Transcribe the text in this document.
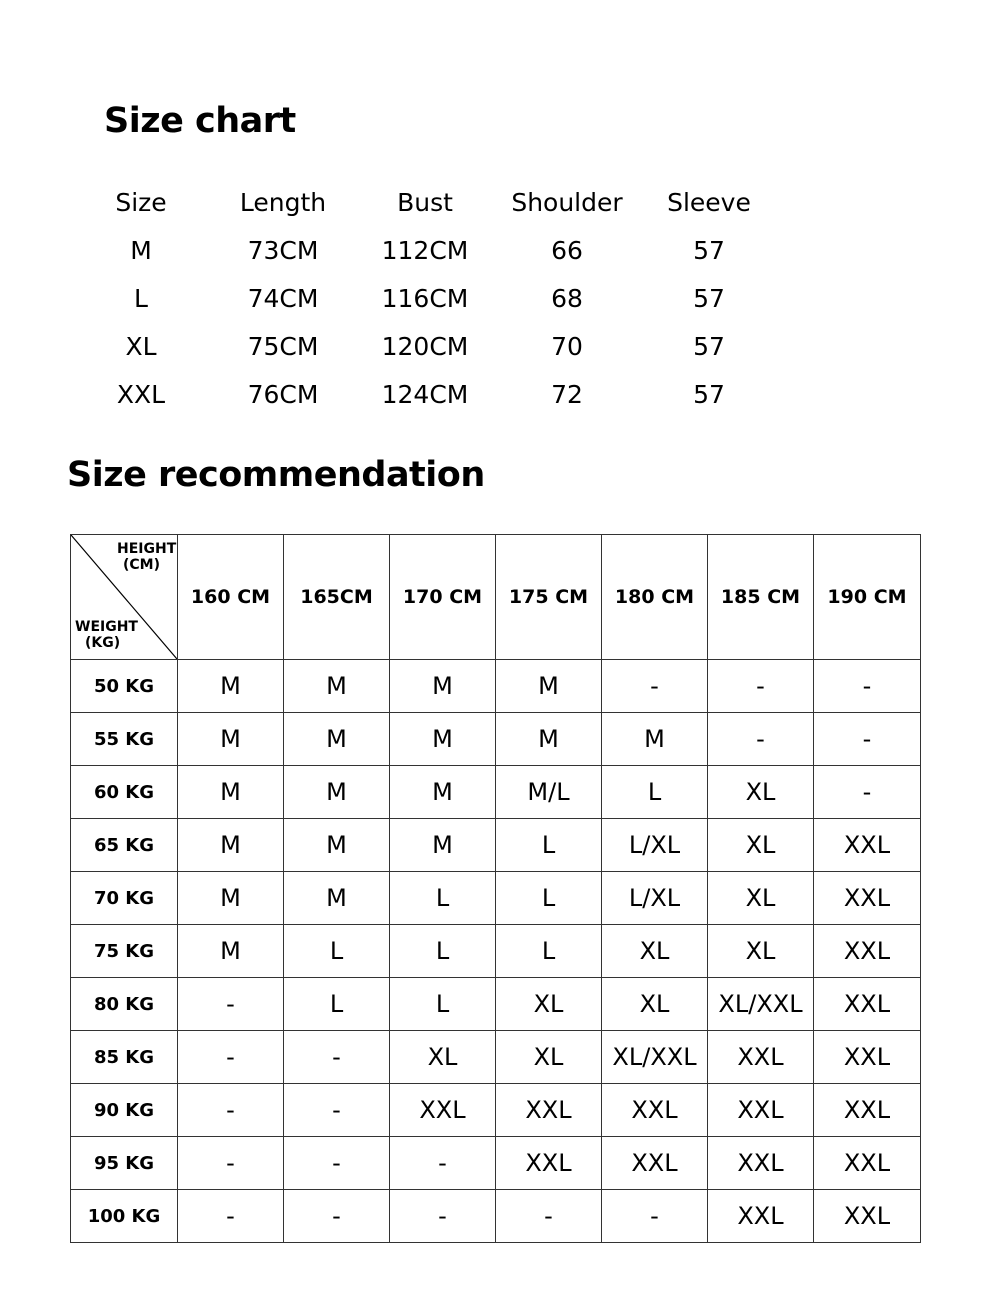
Size chart
Size	Length	Bust	Shoulder	Sleeve
M	73CM	112CM	66	57
L	74CM	116CM	68	57
XL	75CM	120CM	70	57
XXL	76CM	124CM	72	57
Size recommendation
HEIGHT
(CM)
WEIGHT
(KG)	160 CM	165CM	170 CM	175 CM	180 CM	185 CM	190 CM
50 KG	M	M	M	M	-	-	-
55 KG	M	M	M	M	M	-	-
60 KG	M	M	M	M/L	L	XL	-
65 KG	M	M	M	L	L/XL	XL	XXL
70 KG	M	M	L	L	L/XL	XL	XXL
75 KG	M	L	L	L	XL	XL	XXL
80 KG	-	L	L	XL	XL	XL/XXL	XXL
85 KG	-	-	XL	XL	XL/XXL	XXL	XXL
90 KG	-	-	XXL	XXL	XXL	XXL	XXL
95 KG	-	-	-	XXL	XXL	XXL	XXL
100 KG	-	-	-	-	-	XXL	XXL
